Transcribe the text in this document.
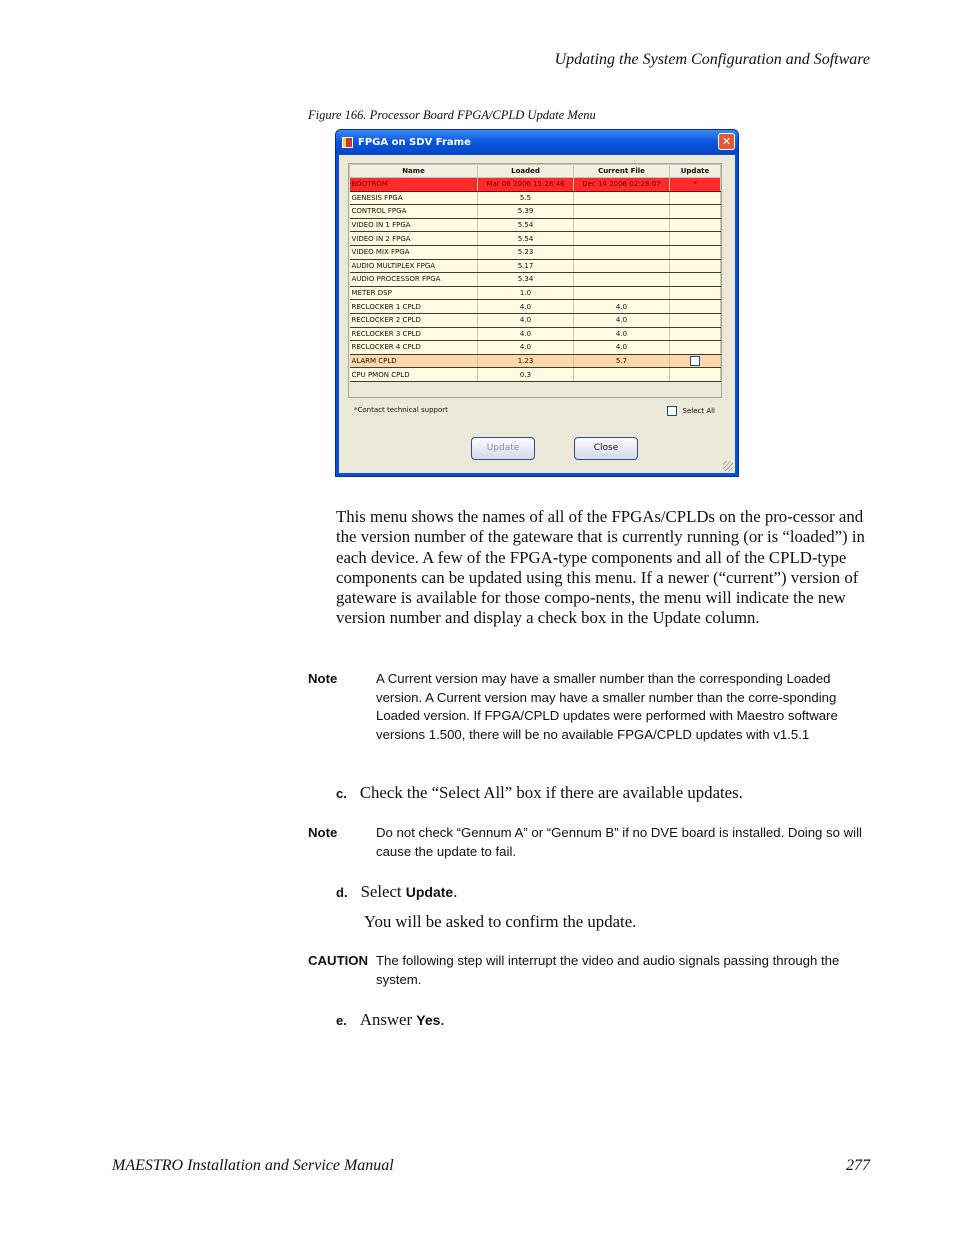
Updating the System Configuration and Software
Figure 166. Processor Board FPGA/CPLD Update Menu
FPGA on SDV Frame	✕
Name	Loaded	Current File	Update
BOOTROM	Mar 06 2006 15:28:46	Dec 14 2006 02:28:07	*
GENESIS FPGA	5.5		
CONTROL FPGA	5.39		
VIDEO IN 1 FPGA	5.54		
VIDEO IN 2 FPGA	5.54		
VIDEO MIX FPGA	5.23		
AUDIO MULTIPLEX FPGA	5.17		
AUDIO PROCESSOR FPGA	5.34		
METER DSP	1.0		
RECLOCKER 1 CPLD	4.0	4.0	
RECLOCKER 2 CPLD	4.0	4.0	
RECLOCKER 3 CPLD	4.0	4.0	
RECLOCKER 4 CPLD	4.0	4.0	
ALARM CPLD	1.23	5.7	
CPU PMON CPLD	0.3		
*Contact technical support	Select All
Update	Close
This menu shows the names of all of the FPGAs/CPLDs on the pro-cessor and the version number of the gateware that is currently running (or is “loaded”) in each device. A few of the FPGA-type components and all of the CPLD-type components can be updated using this menu. If a newer (“current”) version of gateware is available for those compo-nents, the menu will indicate the new version number and display a check box in the Update column.
Note	A Current version may have a smaller number than the corresponding Loaded version. A Current version may have a smaller number than the corre-sponding Loaded version. If FPGA/CPLD updates were performed with Maestro software versions 1.500, there will be no available FPGA/CPLD updates with v1.5.1
c. Check the “Select All” box if there are available updates.
Note	Do not check “Gennum A” or “Gennum B” if no DVE board is installed. Doing so will cause the update to fail.
d. Select Update.
You will be asked to confirm the update.
CAUTION The following step will interrupt the video and audio signals passing through the system.
e. Answer Yes.
MAESTRO Installation and Service Manual	277
